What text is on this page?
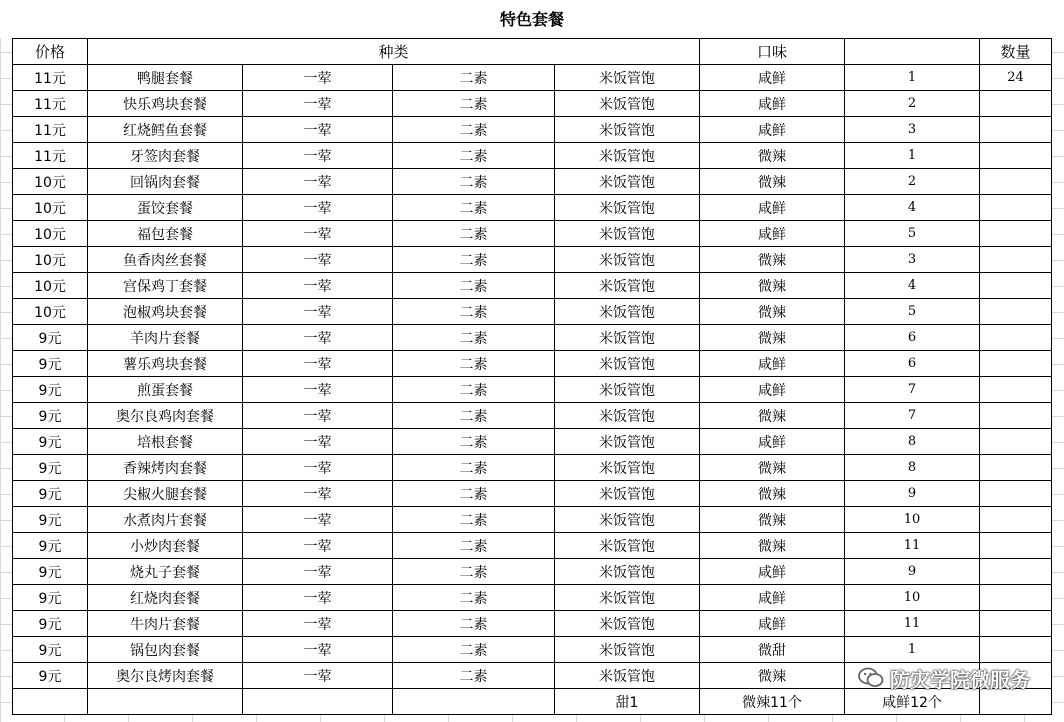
特色套餐
价格	种类				口味		数量
11元	鸭腿套餐	一荤	二素	米饭管饱	咸鲜	1	24
11元	快乐鸡块套餐	一荤	二素	米饭管饱	咸鲜	2	
11元	红烧鳕鱼套餐	一荤	二素	米饭管饱	咸鲜	3	
11元	牙签肉套餐	一荤	二素	米饭管饱	微辣	1	
10元	回锅肉套餐	一荤	二素	米饭管饱	微辣	2	
10元	蛋饺套餐	一荤	二素	米饭管饱	咸鲜	4	
10元	福包套餐	一荤	二素	米饭管饱	咸鲜	5	
10元	鱼香肉丝套餐	一荤	二素	米饭管饱	微辣	3	
10元	宫保鸡丁套餐	一荤	二素	米饭管饱	微辣	4	
10元	泡椒鸡块套餐	一荤	二素	米饭管饱	微辣	5	
9元	羊肉片套餐	一荤	二素	米饭管饱	微辣	6	
9元	薯乐鸡块套餐	一荤	二素	米饭管饱	咸鲜	6	
9元	煎蛋套餐	一荤	二素	米饭管饱	咸鲜	7	
9元	奥尔良鸡肉套餐	一荤	二素	米饭管饱	微辣	7	
9元	培根套餐	一荤	二素	米饭管饱	咸鲜	8	
9元	香辣烤肉套餐	一荤	二素	米饭管饱	微辣	8	
9元	尖椒火腿套餐	一荤	二素	米饭管饱	微辣	9	
9元	水煮肉片套餐	一荤	二素	米饭管饱	微辣	10	
9元	小炒肉套餐	一荤	二素	米饭管饱	微辣	11	
9元	烧丸子套餐	一荤	二素	米饭管饱	咸鲜	9	
9元	红烧肉套餐	一荤	二素	米饭管饱	咸鲜	10	
9元	牛肉片套餐	一荤	二素	米饭管饱	咸鲜	11	
9元	锅包肉套餐	一荤	二素	米饭管饱	微甜	1	
9元	奥尔良烤肉套餐	一荤	二素	米饭管饱	微辣		
				甜1	微辣11个	咸鲜12个	
防灾学院微服务
